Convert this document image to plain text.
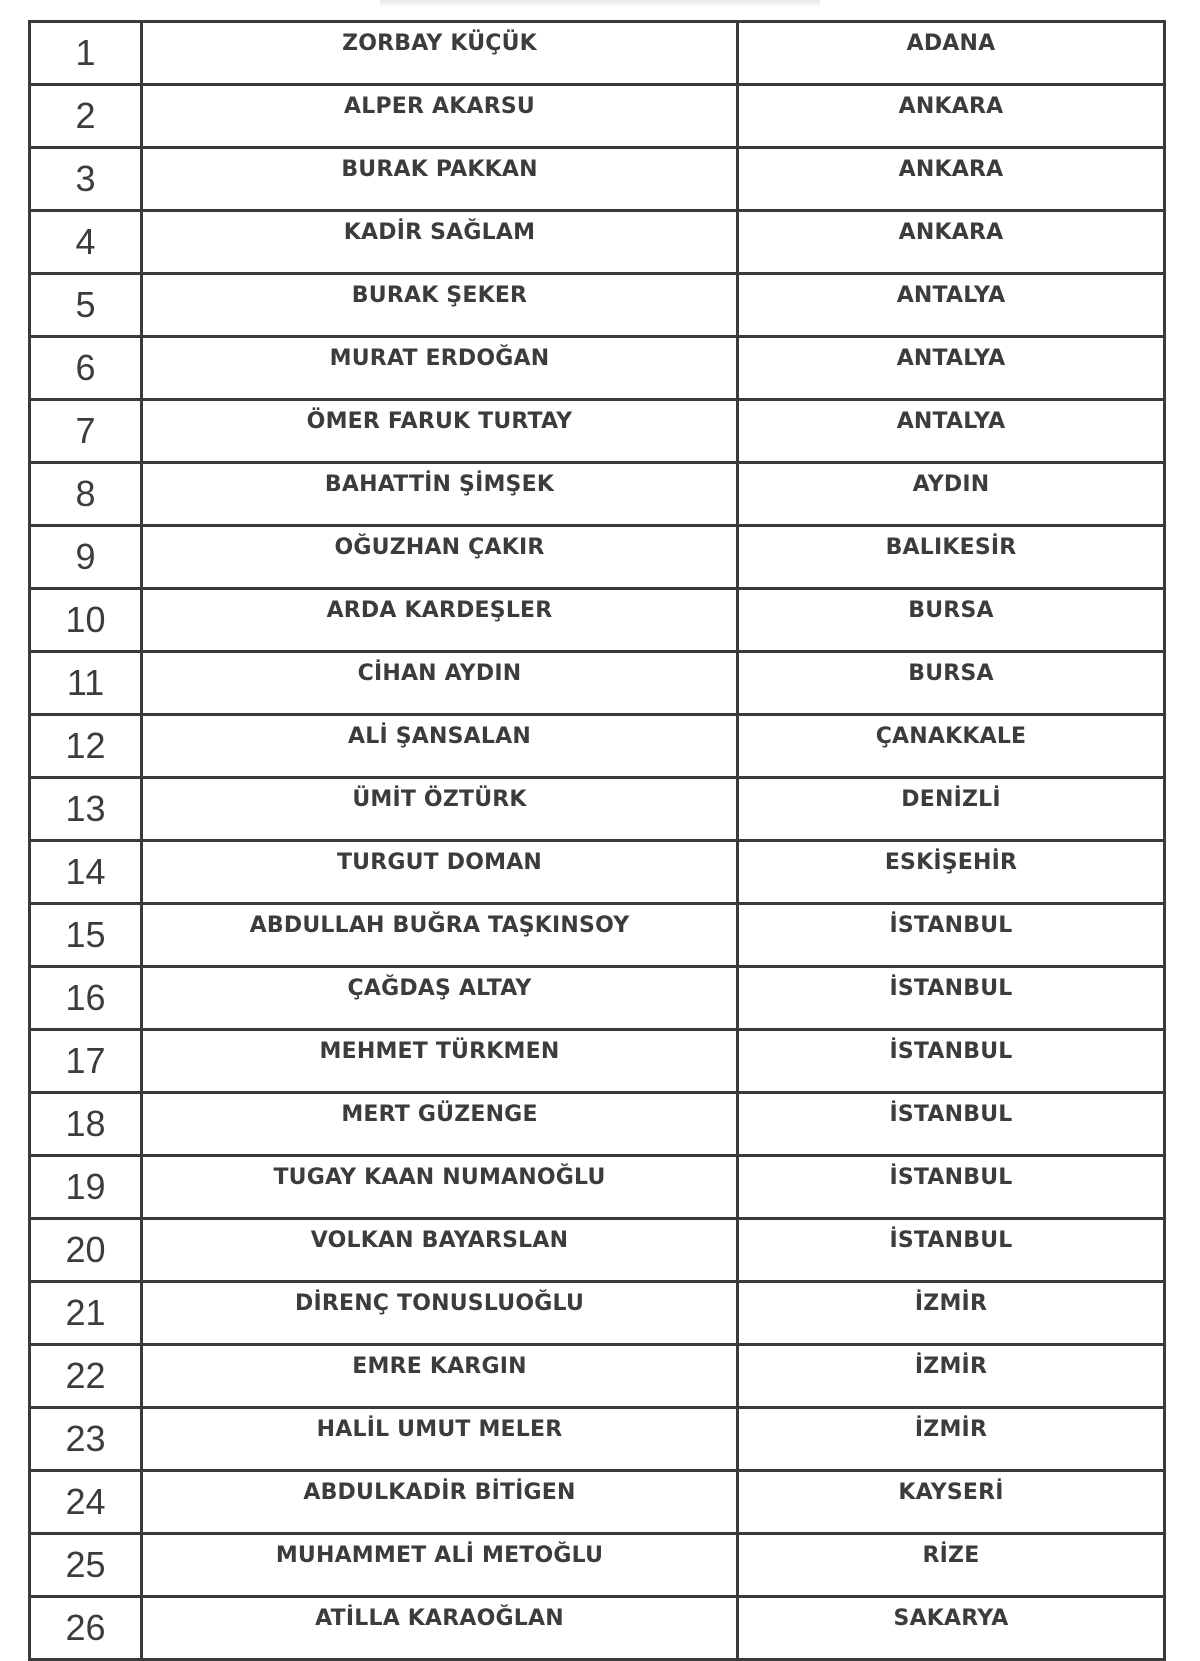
1	ZORBAY KÜÇÜK	ADANA
2	ALPER AKARSU	ANKARA
3	BURAK PAKKAN	ANKARA
4	KADİR SAĞLAM	ANKARA
5	BURAK ŞEKER	ANTALYA
6	MURAT ERDOĞAN	ANTALYA
7	ÖMER FARUK TURTAY	ANTALYA
8	BAHATTİN ŞİMŞEK	AYDIN
9	OĞUZHAN ÇAKIR	BALIKESİR
10	ARDA KARDEŞLER	BURSA
11	CİHAN AYDIN	BURSA
12	ALİ ŞANSALAN	ÇANAKKALE
13	ÜMİT ÖZTÜRK	DENİZLİ
14	TURGUT DOMAN	ESKİŞEHİR
15	ABDULLAH BUĞRA TAŞKINSOY	İSTANBUL
16	ÇAĞDAŞ ALTAY	İSTANBUL
17	MEHMET TÜRKMEN	İSTANBUL
18	MERT GÜZENGE	İSTANBUL
19	TUGAY KAAN NUMANOĞLU	İSTANBUL
20	VOLKAN BAYARSLAN	İSTANBUL
21	DİRENÇ TONUSLUOĞLU	İZMİR
22	EMRE KARGIN	İZMİR
23	HALİL UMUT MELER	İZMİR
24	ABDULKADİR BİTİGEN	KAYSERİ
25	MUHAMMET ALİ METOĞLU	RİZE
26	ATİLLA KARAOĞLAN	SAKARYA
